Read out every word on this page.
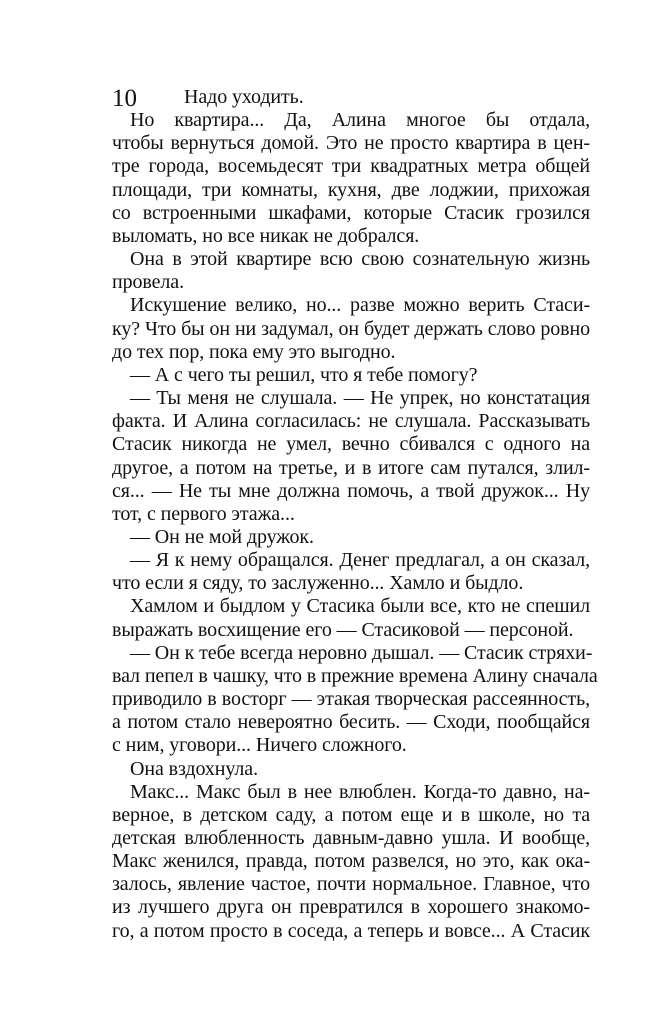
10	Надо уходить.

Но квартира... Да, Алина многое бы отдала,
чтобы вернуться домой. Это не просто квартира в цен-
тре города, восемьдесят три квадратных метра общей
площади, три комнаты, кухня, две лоджии, прихожая
со встроенными шкафами, которые Стасик грозился
выломать, но все никак не добрался.

Она в этой квартире всю свою сознательную жизнь
провела.

Искушение велико, но... разве можно верить Стаси-
ку? Что бы он ни задумал, он будет держать слово ровно
до тех пор, пока ему это выгодно.

— А с чего ты решил, что я тебе помогу?

— Ты меня не слушала. — Не упрек, но констатация
факта. И Алина согласилась: не слушала. Рассказывать
Стасик никогда не умел, вечно сбивался с одного на
другое, а потом на третье, и в итоге сам путался, злил-
ся... — Не ты мне должна помочь, а твой дружок... Ну
тот, с первого этажа...

— Он не мой дружок.

— Я к нему обращался. Денег предлагал, а он сказал,
что если я сяду, то заслуженно... Хамло и быдло.

Хамлом и быдлом у Стасика были все, кто не спешил
выражать восхищение его — Стасиковой — персоной.

— Он к тебе всегда неровно дышал. — Стасик стряхи-
вал пепел в чашку, что в прежние времена Алину сначала
приводило в восторг — этакая творческая рассеянность,
а потом стало невероятно бесить. — Сходи, пообщайся
с ним, уговори... Ничего сложного.

Она вздохнула.

Макс... Макс был в нее влюблен. Когда-то давно, на-
верное, в детском саду, а потом еще и в школе, но та
детская влюбленность давным-давно ушла. И вообще,
Макс женился, правда, потом развелся, но это, как ока-
залось, явление частое, почти нормальное. Главное, что
из лучшего друга он превратился в хорошего знакомо-
го, а потом просто в соседа, а теперь и вовсе... А Стасик
